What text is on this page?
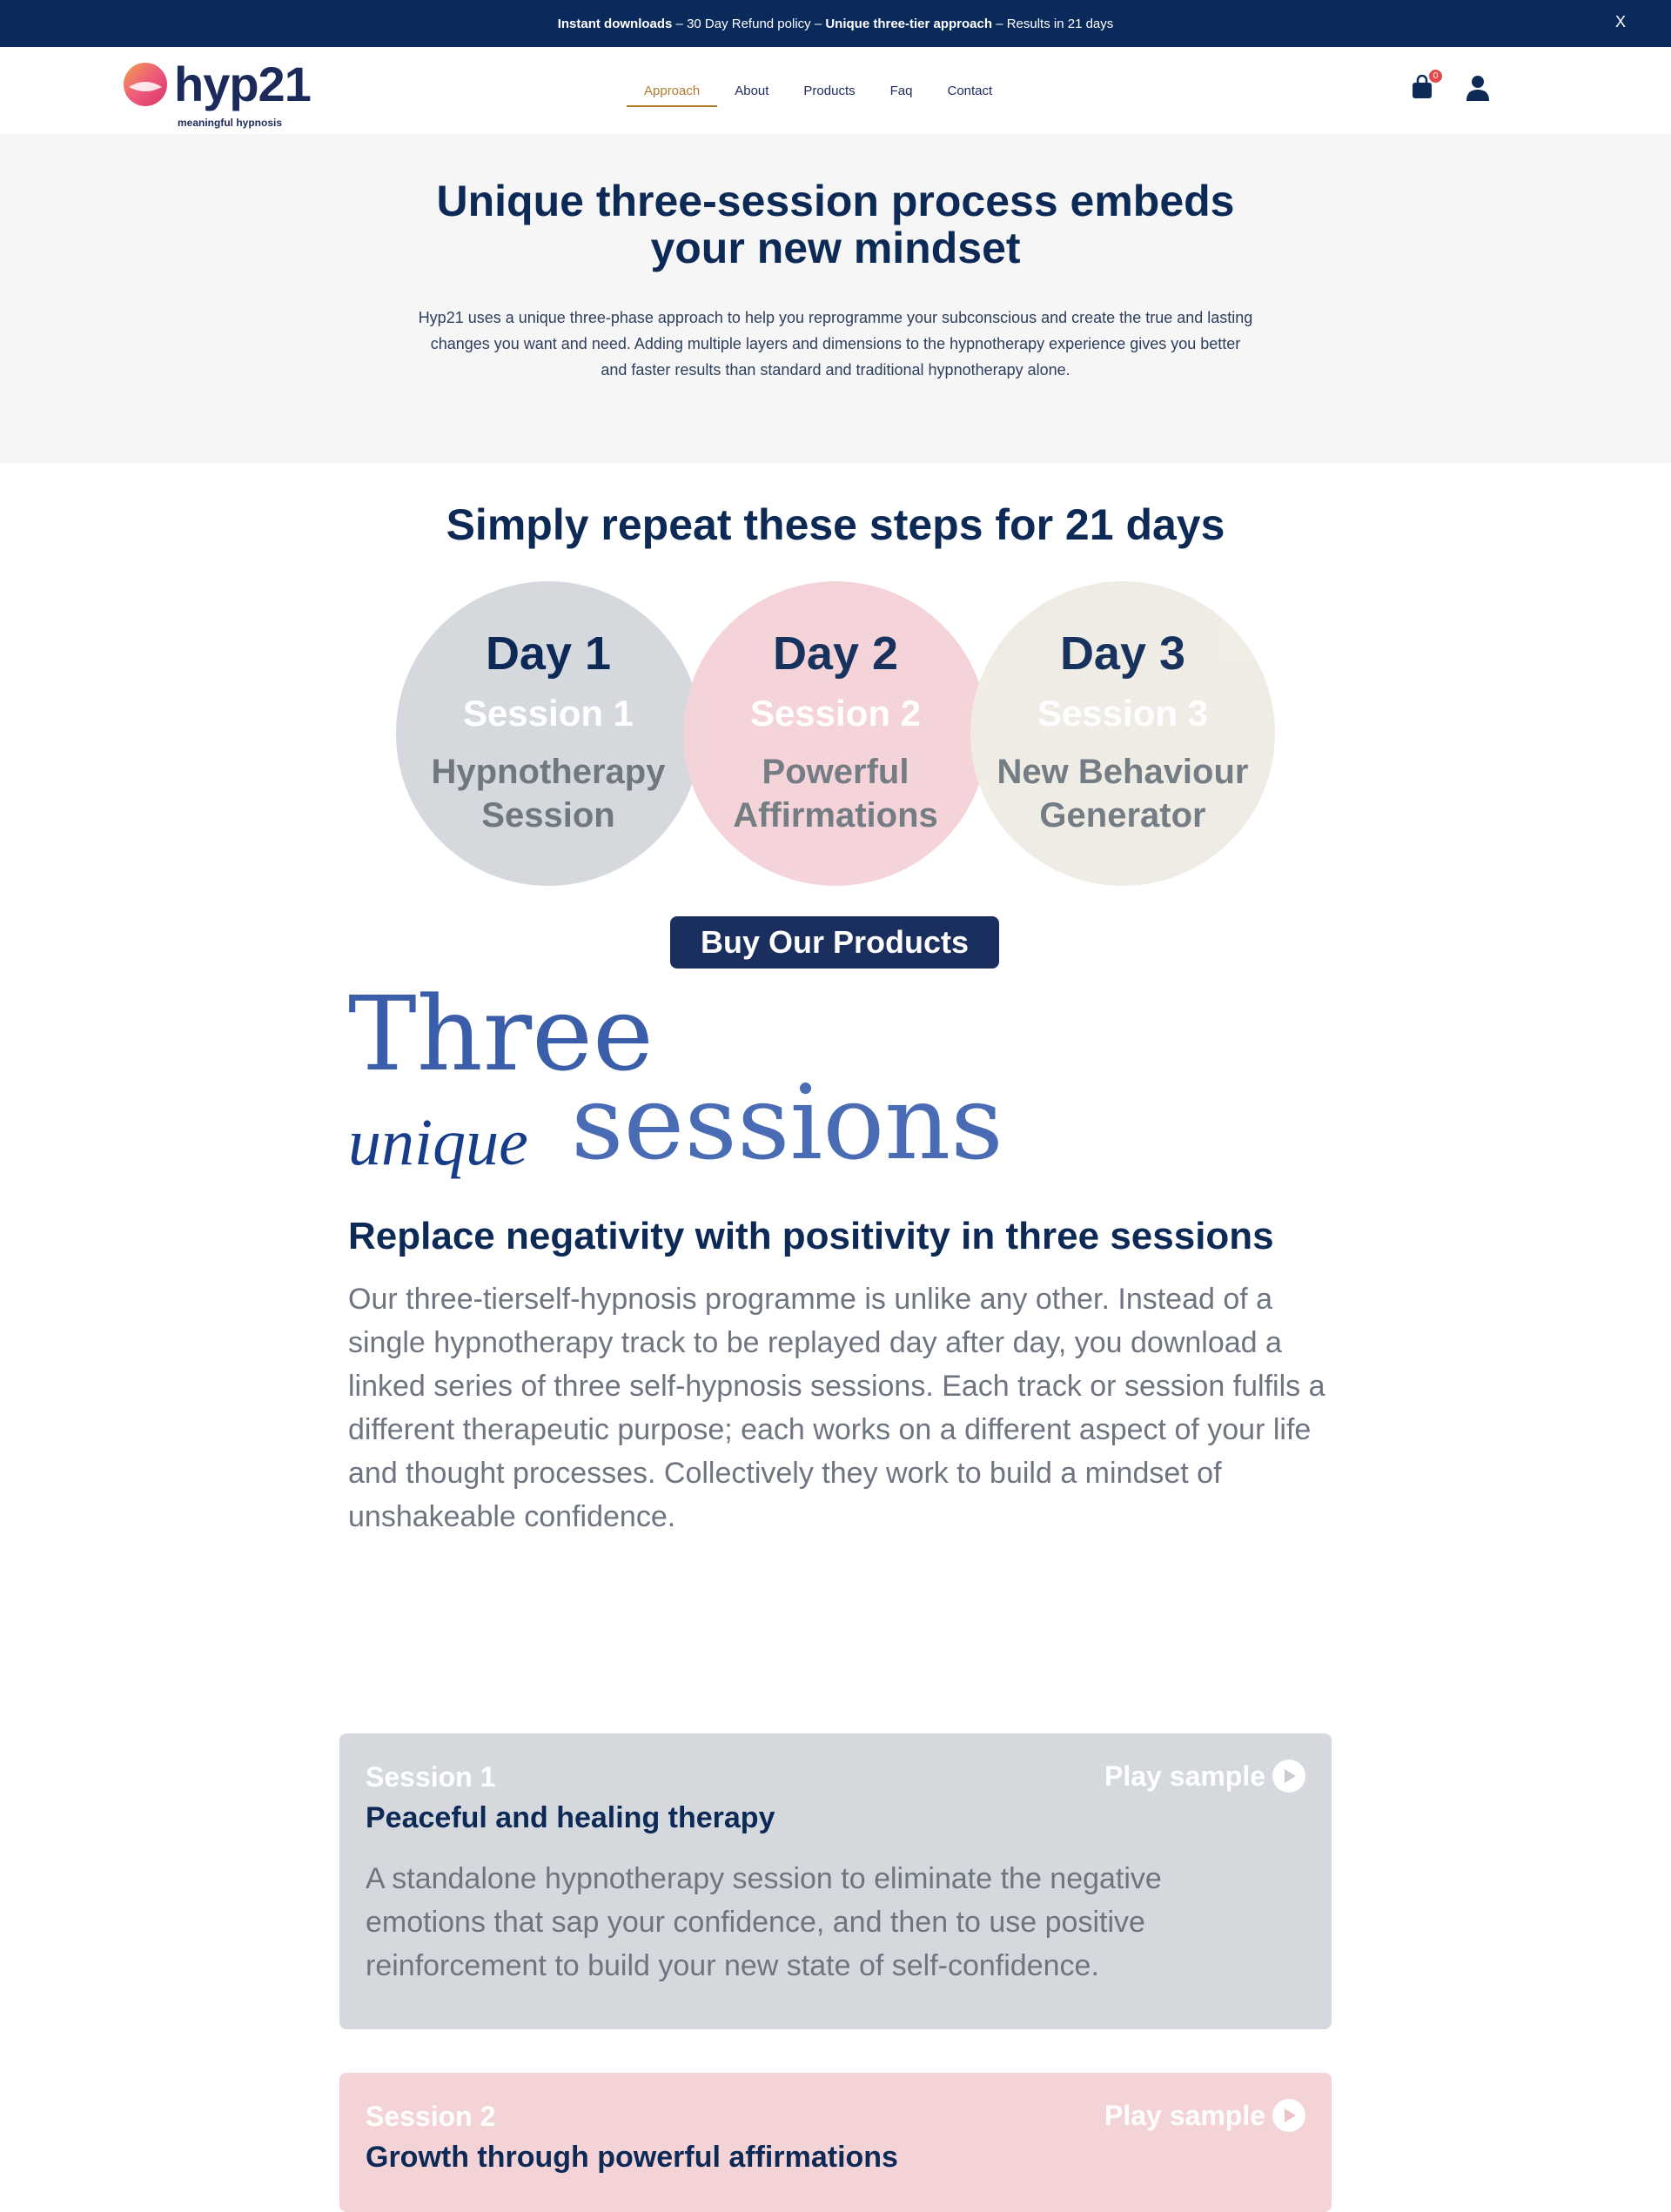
Instant downloads – 30 Day Refund policy – Unique three-tier approach – Results in 21 days	X
hyp21
meaningful hypnosis
Approach	About	Products	Faq	Contact
0
Unique three-session process embeds your new mindset

Hyp21 uses a unique three-phase approach to help you reprogramme your subconscious and create the true and lasting changes you want and need. Adding multiple layers and dimensions to the hypnotherapy experience gives you better and faster results than standard and traditional hypnotherapy alone.

Simply repeat these steps for 21 days
Day 1
Session 1
Hypnotherapy Session
Day 2
Session 2
Powerful Affirmations
Day 3
Session 3
New Behaviour Generator
Buy Our Products
Three
unique sessions
Replace negativity with positivity in three sessions

Our three-tierself-hypnosis programme is unlike any other. Instead of a single hypnotherapy track to be replayed day after day, you download a linked series of three self-hypnosis sessions. Each track or session fulfils a different therapeutic purpose; each works on a different aspect of your life and thought processes. Collectively they work to build a mindset of unshakeable confidence.

Session 1	Play sample
Peaceful and healing therapy
A standalone hypnotherapy session to eliminate the negative emotions that sap your confidence, and then to use positive reinforcement to build your new state of self-confidence.
Session 2	Play sample
Growth through powerful affirmations
